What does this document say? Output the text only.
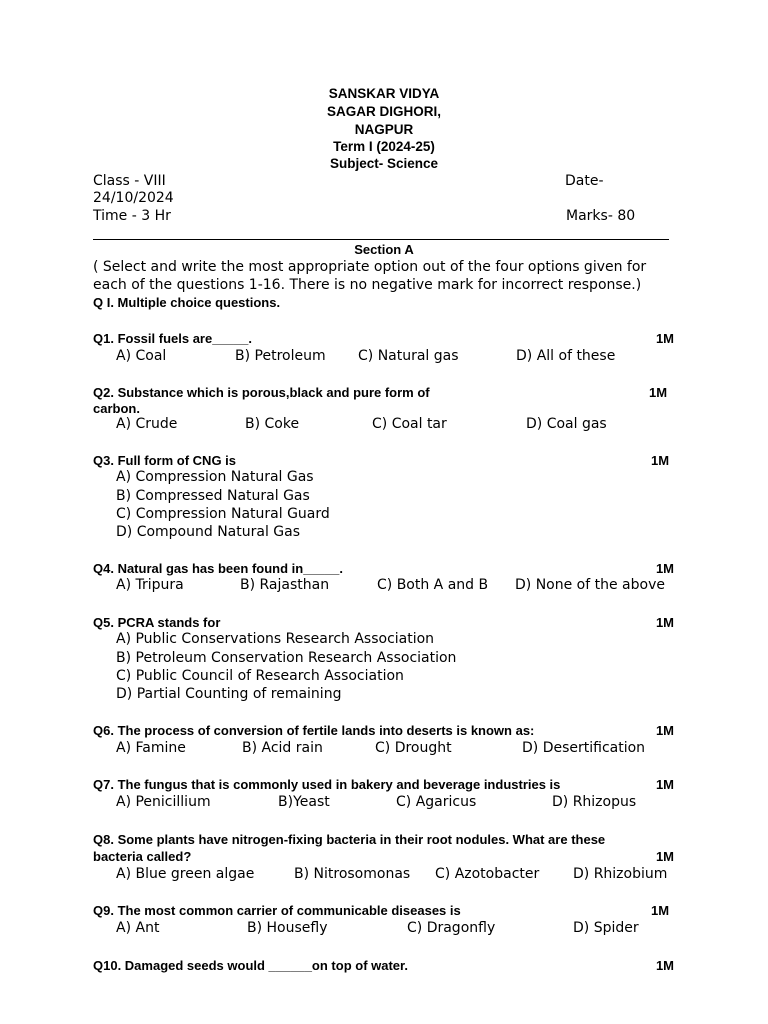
SANSKAR VIDYA
SAGAR DIGHORI,
NAGPUR
Term I (2024-25)
Subject- Science
Class - VIII	Date-
24/10/2024
Time - 3 Hr	Marks- 80
Section A
( Select and write the most appropriate option out of the four options given for
each of the questions 1-16. There is no negative mark for incorrect response.)
Q I. Multiple choice questions.
Q1. Fossil fuels are_____.	1M
A) Coal	B) Petroleum C) Natural gas	D) All of these
Q2. Substance which is porous,black and pure form of	1M
carbon.
A) Crude	B) Coke	C) Coal tar	D) Coal gas
Q3. Full form of CNG is	1M
A) Compression Natural Gas
B) Compressed Natural Gas
C) Compression Natural Guard
D) Compound Natural Gas
Q4. Natural gas has been found in_____.	1M
A) Tripura	B) Rajasthan	C) Both A and B D) None of the above
Q5. PCRA stands for	1M
A) Public Conservations Research Association
B) Petroleum Conservation Research Association
C) Public Council of Research Association
D) Partial Counting of remaining
Q6. The process of conversion of fertile lands into deserts is known as:	1M
A) Famine	B) Acid rain	C) Drought	D) Desertification
Q7. The fungus that is commonly used in bakery and beverage industries is	1M
A) Penicillium	B)Yeast	C) Agaricus	D) Rhizopus
Q8. Some plants have nitrogen-fixing bacteria in their root nodules. What are these
bacteria called?	1M
A) Blue green algae	B) Nitrosomonas C) Azotobacter D) Rhizobium
Q9. The most common carrier of communicable diseases is	1M
A) Ant	B) Housefly	C) Dragonfly	D) Spider
Q10. Damaged seeds would ______on top of water.	1M
